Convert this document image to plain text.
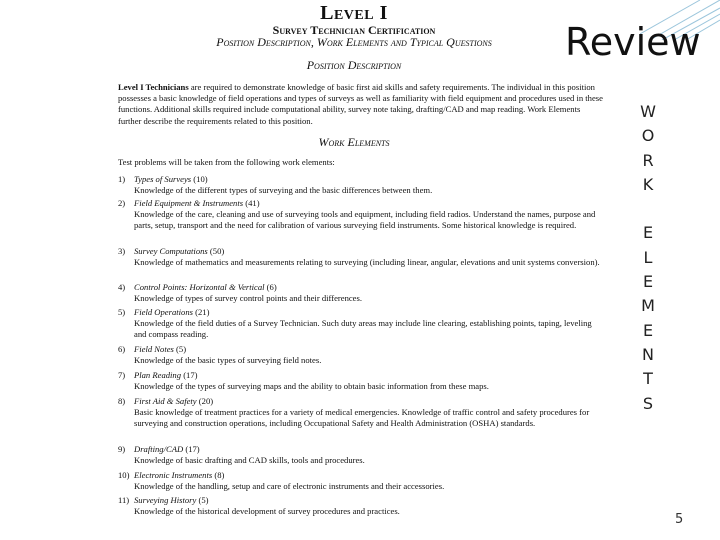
Level I
Survey Technician Certification
Position Description, Work Elements and Typical Questions
Position Description
Level I Technicians are required to demonstrate knowledge of basic first aid skills and safety requirements. The individual in this position possesses a basic knowledge of field operations and types of surveys as well as familiarity with field equipment and procedures used in these functions. Additional skills required include computational ability, survey note taking, drafting/CAD and map reading. Work Elements further describe the requirements related to this position.
Work Elements
Test problems will be taken from the following work elements:
1)	Types of Surveys (10)
Knowledge of the different types of surveying and the basic differences between them.
2)	Field Equipment & Instruments (41)
Knowledge of the care, cleaning and use of surveying tools and equipment, including field radios. Understand the names, purpose and parts, setup, transport and the need for calibration of various surveying field instruments. Some historical knowledge is required.
3)	Survey Computations (50)
Knowledge of mathematics and measurements relating to surveying (including linear, angular, elevations and unit systems conversion).
4)	Control Points: Horizontal & Vertical (6)
Knowledge of types of survey control points and their differences.
5)	Field Operations (21)
Knowledge of the field duties of a Survey Technician. Such duty areas may include line clearing, establishing points, taping, leveling and compass reading.
6)	Field Notes (5)
Knowledge of the basic types of surveying field notes.
7)	Plan Reading (17)
Knowledge of the types of surveying maps and the ability to obtain basic information from these maps.
8)	First Aid & Safety (20)
Basic knowledge of treatment practices for a variety of medical emergencies. Knowledge of traffic control and safety procedures for surveying and construction operations, including Occupational Safety and Health Administration (OSHA) standards.
9)	Drafting/CAD (17)
Knowledge of basic drafting and CAD skills, tools and procedures.
10) Electronic Instruments (8)
Knowledge of the handling, setup and care of electronic instruments and their accessories.
11) Surveying History (5)
Knowledge of the historical development of survey procedures and practices.
Review
W
O
R
K

E
L
E
M
E
N
T
S
5
